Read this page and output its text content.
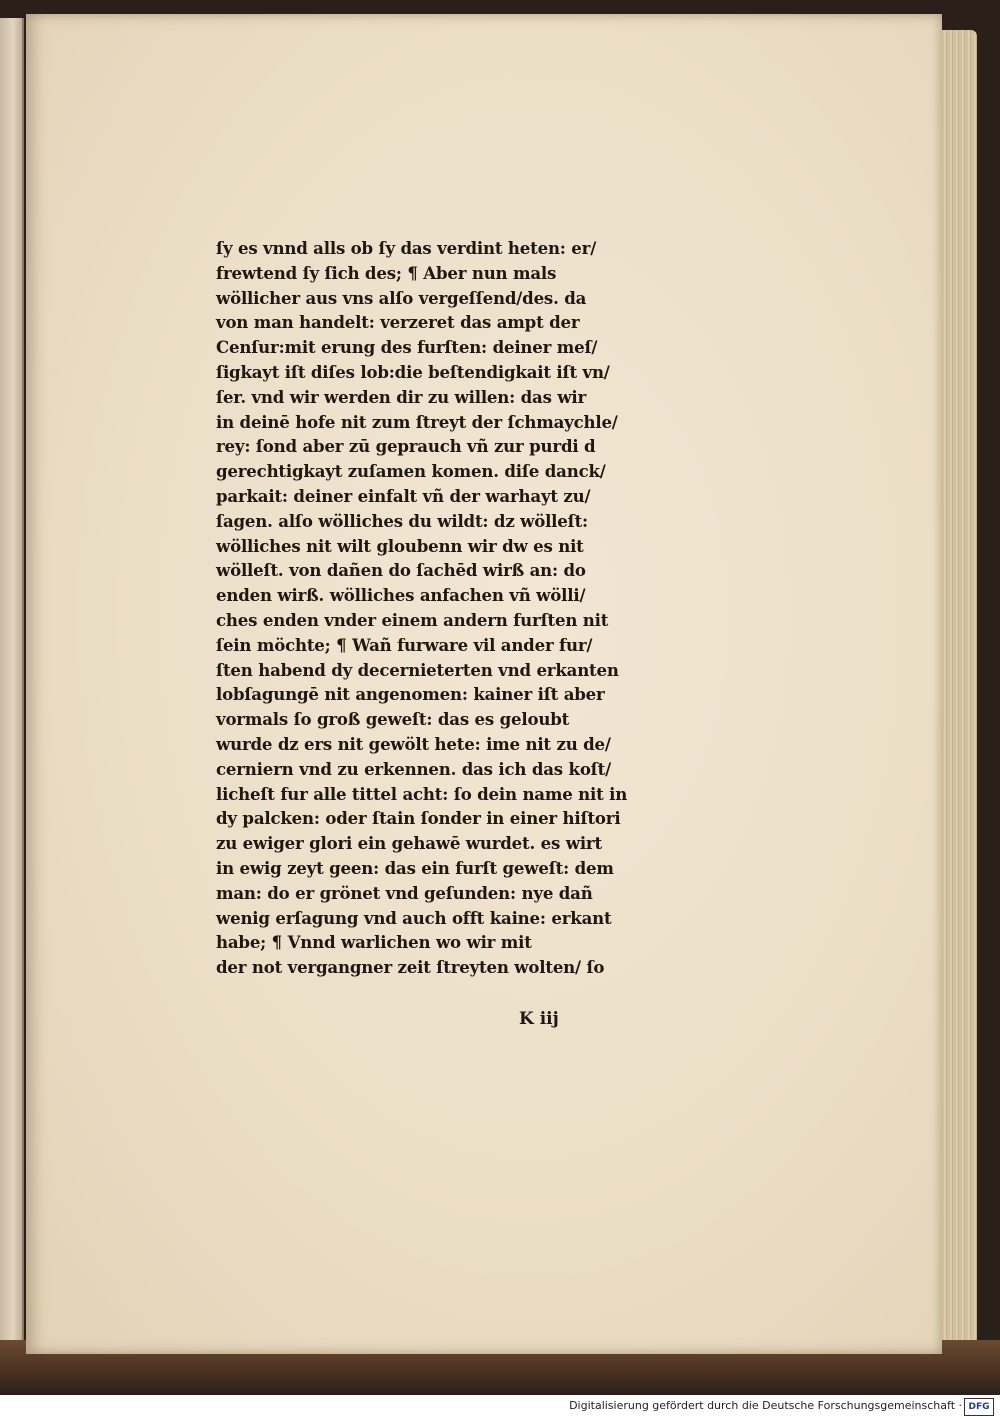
ſy es vnnd alls ob ſy das verdint heten: er/
frewtend ſy ſich des; ¶ Aber nun mals
wöllicher aus vns alſo vergeſſend/des. da
von man handelt: verzeret das ampt der
Cenſur:mit erung des furſten: deiner meſ/
ſigkayt iſt diſes lob:die beſtendigkait iſt vn/
ſer. vnd wir werden dir zu willen: das wir
in deinē hofe nit zum ſtreyt der ſchmaychle/
rey: ſond aber zū geprauch vñ zur purdi d
gerechtigkayt zuſamen komen. diſe danck/
parkait: deiner einfalt vñ der warhayt zu/
ſagen. alſo wölliches du wildt: dz wölleſt:
wölliches nit wilt gloubenn wir dw es nit
wölleſt. von dañen do ſachēd wirß an: do
enden wirß. wölliches anfachen vñ wölli/
ches enden vnder einem andern furſten nit
ſein möchte; ¶ Wañ furware vil ander fur/
ſten habend dy decernieterten vnd erkanten
lobſagungē nit angenomen: kainer iſt aber
vormals ſo groß geweſt: das es geloubt
wurde dz ers nit gewölt hete: ime nit zu de/
cerniern vnd zu erkennen. das ich das koſt/
licheſt fur alle tittel acht: ſo dein name nit in
dy palcken: oder ſtain ſonder in einer hiſtori
zu ewiger glori ein gehawē wurdet. es wirt
in ewig zeyt geen: das ein furſt geweſt: dem
man: do er grönet vnd geſunden: nye dañ
wenig erſagung vnd auch offt kaine: erkant
habe; ¶ Vnnd warlichen wo wir mit
der not vergangner zeit ſtreyten wolten/ ſo
K iij
Digitalisierung gefördert durch die Deutsche Forschungsgemeinschaft · DFG
